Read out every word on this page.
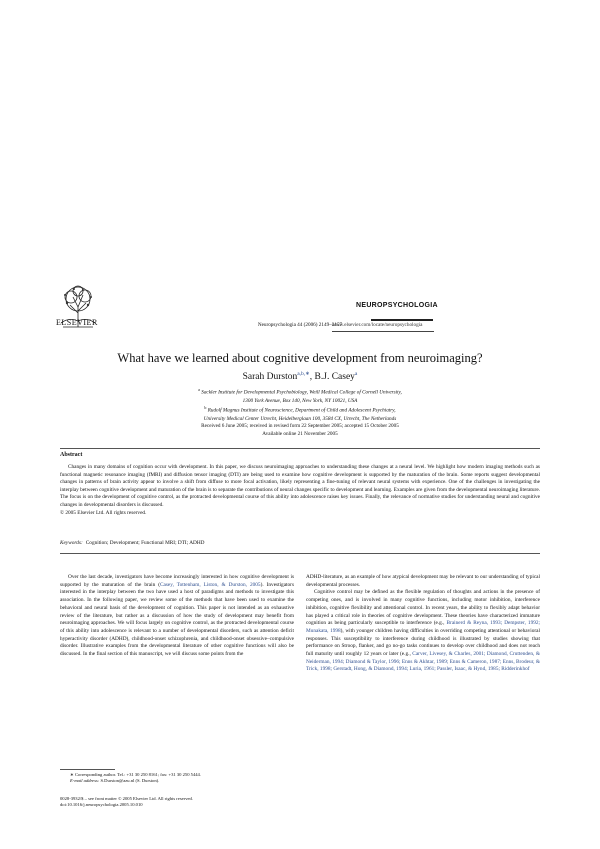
ELSEVIER	Neuropsychologia 44 (2006) 2149–2157
NEUROPSYCHOLOGIA
www.elsevier.com/locate/neuropsychologia
What have we learned about cognitive development from neuroimaging?
Sarah Durston$^{a,b,∗}$, B.J. Casey$^a$
$^a$ Sackler Institute for Developmental Psychobiology, Weill Medical College of Cornell University,
1300 York Avenue, Box 140, New York, NY 10021, USA
$^b$ Rudolf Magnus Institute of Neuroscience, Department of Child and Adolescent Psychiatry,
University Medical Center Utrecht, Heidelberglaan 100, 3584 CX, Utrecht, The Netherlands
Received 6 June 2005; received in revised form 22 September 2005; accepted 15 October 2005
Available online 21 November 2005
Abstract

Changes in many domains of cognition occur with development. In this paper, we discuss neuroimaging approaches to understanding these changes at a neural level. We highlight how modern imaging methods such as functional magnetic resonance imaging (fMRI) and diffusion tensor imaging (DTI) are being used to examine how cognitive development is supported by the maturation of the brain. Some reports suggest developmental changes in patterns of brain activity appear to involve a shift from diffuse to more focal activation, likely representing a fine-tuning of relevant neural systems with experience. One of the challenges in investigating the interplay between cognitive development and maturation of the brain is to separate the contributions of neural changes specific to development and learning. Examples are given from the developmental neuroimaging literature. The focus is on the development of cognitive control, as the protracted developmental course of this ability into adolescence raises key issues. Finally, the relevance of normative studies for understanding neural and cognitive changes in developmental disorders is discussed.
© 2005 Elsevier Ltd. All rights reserved.

Keywords: Cognition; Development; Functional MRI; DTI; ADHD

Over the last decade, investigators have become increasingly interested in how cognitive development is supported by the maturation of the brain (Casey, Tottenham, Liston, & Durston, 2005). Investigators interested in the interplay between the two have used a host of paradigms and methods to investigate this association. In the following paper, we review some of the methods that have been used to examine the behavioral and neural basis of the development of cognition. This paper is not intended as an exhaustive review of the literature, but rather as a discussion of how the study of development may benefit from neuroimaging approaches. We will focus largely on cognitive control, as the protracted developmental course of this ability into adolescence is relevant to a number of developmental disorders, such as attention deficit hyperactivity disorder (ADHD), childhood-onset schizophrenia, and childhood-onset obsessive–compulsive disorder. Illustrative examples from the developmental literature of other cognitive functions will also be discussed. In the final section of this manuscript, we will discuss some points from the

ADHD-literature, as an example of how atypical development may be relevant to our understanding of typical developmental processes.

Cognitive control may be defined as the flexible regulation of thoughts and actions in the presence of competing ones, and is involved in many cognitive functions, including motor inhibition, interference inhibition, cognitive flexibility and attentional control. In recent years, the ability to flexibly adapt behavior has played a critical role in theories of cognitive development. These theories have characterized immature cognition as being particularly susceptible to interference (e.g., Brainerd & Reyna, 1993; Dempster, 1992; Munakata, 1998), with younger children having difficulties in overriding competing attentional or behavioral responses. This susceptibility to interference during childhood is illustrated by studies showing that performance on Stroop, flanker, and go no-go tasks continues to develop over childhood and does not reach full maturity until roughly 12 years or later (e.g., Carver, Livesey, & Charles, 2001; Diamond, Cruttenden, & Neiderman, 1994; Diamond & Taylor, 1996; Enns & Akhtar, 1989; Enns & Cameron, 1987; Enns, Brodeur, & Trick, 1998; Gerstadt, Hong, & Diamond, 1994; Luria, 1961; Passler, Isaac, & Hynd, 1985; Ridderinkhof

∗ Corresponding author. Tel.: +31 30 250 8161; fax: +31 30 250 5444.
E-mail address: S.Durston@azu.nl (S. Durston).
0028-3932/$ – see front matter © 2005 Elsevier Ltd. All rights reserved.
doi:10.1016/j.neuropsychologia.2005.10.010
